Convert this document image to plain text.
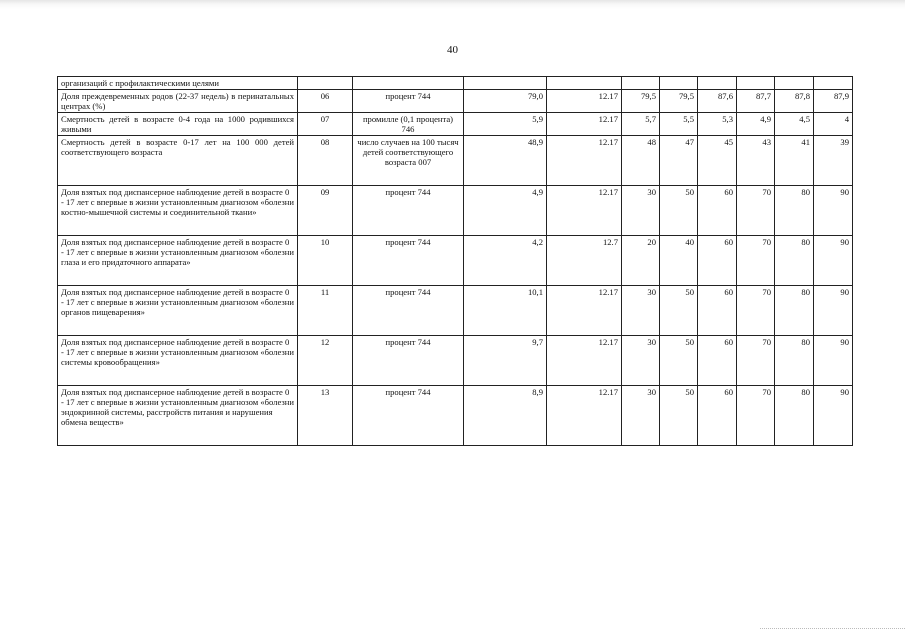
40
организаций с профилактическими целями										
Доля преждевременных родов (22-37 недель) в перинатальных центрах (%)	06	процент 744	79,0	12.17	79,5	79,5	87,6	87,7	87,8	87,9
Смертность детей в возрасте 0-4 года на 1000 родившихся живыми	07	промилле (0,1 процента) 746	5,9	12.17	5,7	5,5	5,3	4,9	4,5	4
Смертность детей в возрасте 0-17 лет на 100 000 детей соответствующего возраста	08	число случаев на 100 тысяч детей соответствующего возраста 007	48,9	12.17	48	47	45	43	41	39
Доля взятых под диспансерное наблюдение детей в возрасте 0 - 17 лет с впервые в жизни установленным диагнозом «болезни костно-мышечной системы и соединительной ткани»	09	процент 744	4,9	12.17	30	50	60	70	80	90
Доля взятых под диспансерное наблюдение детей в возрасте 0 - 17 лет с впервые в жизни установленным диагнозом «болезни глаза и его придаточного аппарата»	10	процент 744	4,2	12.7	20	40	60	70	80	90
Доля взятых под диспансерное наблюдение детей в возрасте 0 - 17 лет с впервые в жизни установленным диагнозом «болезни органов пищеварения»	11	процент 744	10,1	12.17	30	50	60	70	80	90
Доля взятых под диспансерное наблюдение детей в возрасте 0 - 17 лет с впервые в жизни установленным диагнозом «болезни системы кровообращения»	12	процент 744	9,7	12.17	30	50	60	70	80	90
Доля взятых под диспансерное наблюдение детей в возрасте 0 - 17 лет с впервые в жизни установленным диагнозом «болезни эндокринной системы, расстройств питания и нарушения обмена веществ»	13	процент 744	8,9	12.17	30	50	60	70	80	90
